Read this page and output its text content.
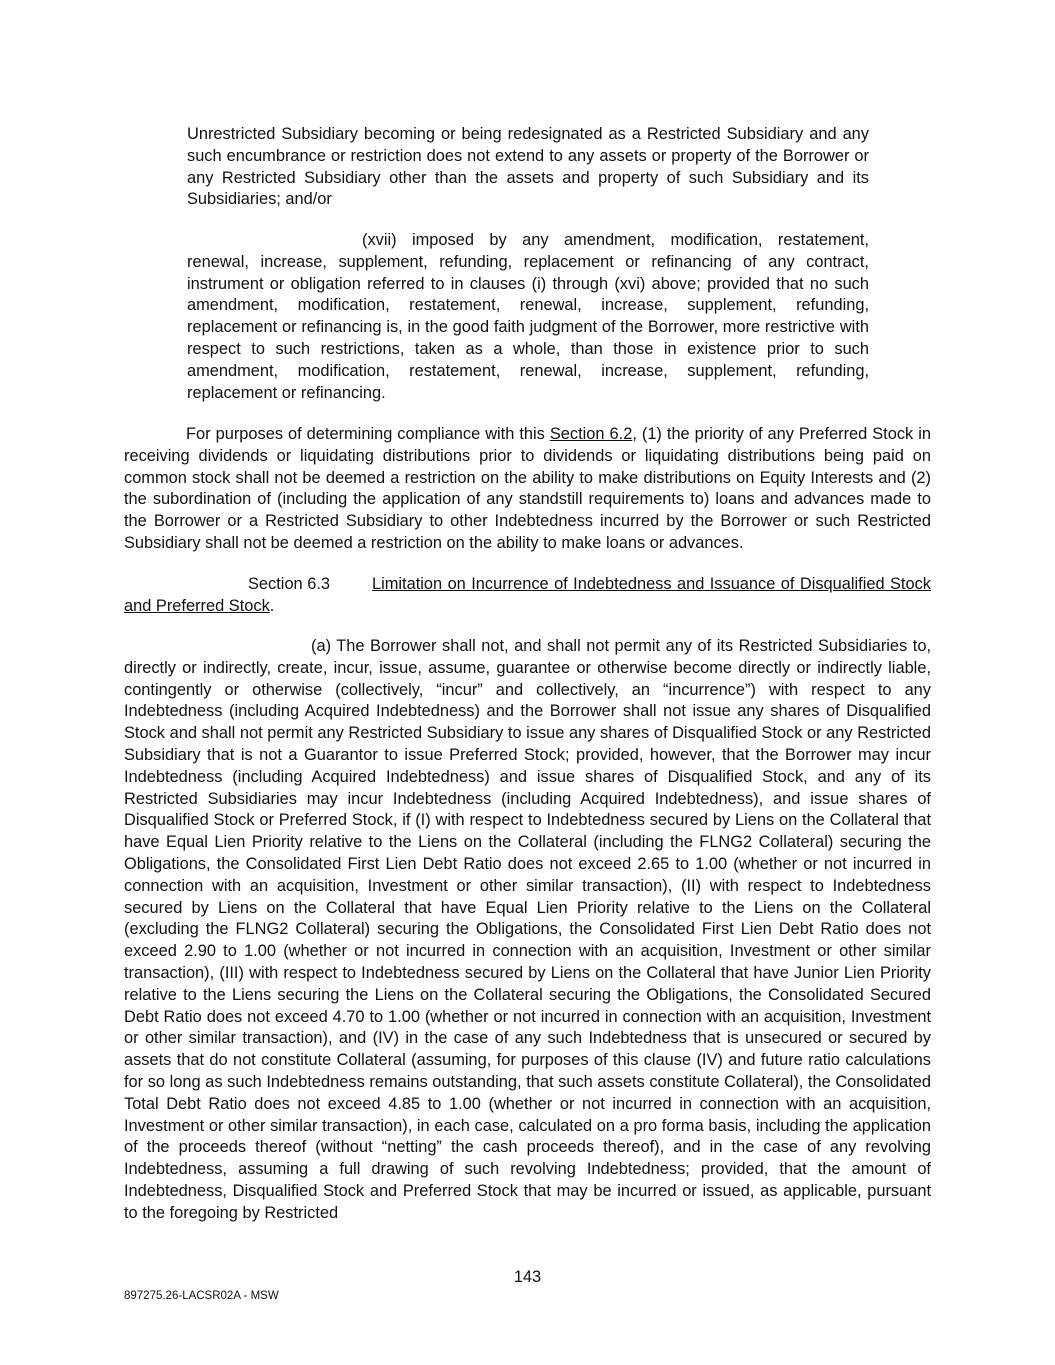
Unrestricted Subsidiary becoming or being redesignated as a Restricted Subsidiary and any such encumbrance or restriction does not extend to any assets or property of the Borrower or any Restricted Subsidiary other than the assets and property of such Subsidiary and its Subsidiaries; and/or

(xvii) imposed by any amendment, modification, restatement, renewal, increase, supplement, refunding, replacement or refinancing of any contract, instrument or obligation referred to in clauses (i) through (xvi) above; provided that no such amendment, modification, restatement, renewal, increase, supplement, refunding, replacement or refinancing is, in the good faith judgment of the Borrower, more restrictive with respect to such restrictions, taken as a whole, than those in existence prior to such amendment, modification, restatement, renewal, increase, supplement, refunding, replacement or refinancing.

For purposes of determining compliance with this Section 6.2, (1) the priority of any Preferred Stock in receiving dividends or liquidating distributions prior to dividends or liquidating distributions being paid on common stock shall not be deemed a restriction on the ability to make distributions on Equity Interests and (2) the subordination of (including the application of any standstill requirements to) loans and advances made to the Borrower or a Restricted Subsidiary to other Indebtedness incurred by the Borrower or such Restricted Subsidiary shall not be deemed a restriction on the ability to make loans or advances.

Section 6.3	Limitation on Incurrence of Indebtedness and Issuance of Disqualified Stock and Preferred Stock.

(a) The Borrower shall not, and shall not permit any of its Restricted Subsidiaries to, directly or indirectly, create, incur, issue, assume, guarantee or otherwise become directly or indirectly liable, contingently or otherwise (collectively, “incur” and collectively, an “incurrence”) with respect to any Indebtedness (including Acquired Indebtedness) and the Borrower shall not issue any shares of Disqualified Stock and shall not permit any Restricted Subsidiary to issue any shares of Disqualified Stock or any Restricted Subsidiary that is not a Guarantor to issue Preferred Stock; provided, however, that the Borrower may incur Indebtedness (including Acquired Indebtedness) and issue shares of Disqualified Stock, and any of its Restricted Subsidiaries may incur Indebtedness (including Acquired Indebtedness), and issue shares of Disqualified Stock or Preferred Stock, if (I) with respect to Indebtedness secured by Liens on the Collateral that have Equal Lien Priority relative to the Liens on the Collateral (including the FLNG2 Collateral) securing the Obligations, the Consolidated First Lien Debt Ratio does not exceed 2.65 to 1.00 (whether or not incurred in connection with an acquisition, Investment or other similar transaction), (II) with respect to Indebtedness secured by Liens on the Collateral that have Equal Lien Priority relative to the Liens on the Collateral (excluding the FLNG2 Collateral) securing the Obligations, the Consolidated First Lien Debt Ratio does not exceed 2.90 to 1.00 (whether or not incurred in connection with an acquisition, Investment or other similar transaction), (III) with respect to Indebtedness secured by Liens on the Collateral that have Junior Lien Priority relative to the Liens securing the Liens on the Collateral securing the Obligations, the Consolidated Secured Debt Ratio does not exceed 4.70 to 1.00 (whether or not incurred in connection with an acquisition, Investment or other similar transaction), and (IV) in the case of any such Indebtedness that is unsecured or secured by assets that do not constitute Collateral (assuming, for purposes of this clause (IV) and future ratio calculations for so long as such Indebtedness remains outstanding, that such assets constitute Collateral), the Consolidated Total Debt Ratio does not exceed 4.85 to 1.00 (whether or not incurred in connection with an acquisition, Investment or other similar transaction), in each case, calculated on a pro forma basis, including the application of the proceeds thereof (without “netting” the cash proceeds thereof), and in the case of any revolving Indebtedness, assuming a full drawing of such revolving Indebtedness; provided, that the amount of Indebtedness, Disqualified Stock and Preferred Stock that may be incurred or issued, as applicable, pursuant to the foregoing by Restricted

143

897275.26-LACSR02A - MSW
